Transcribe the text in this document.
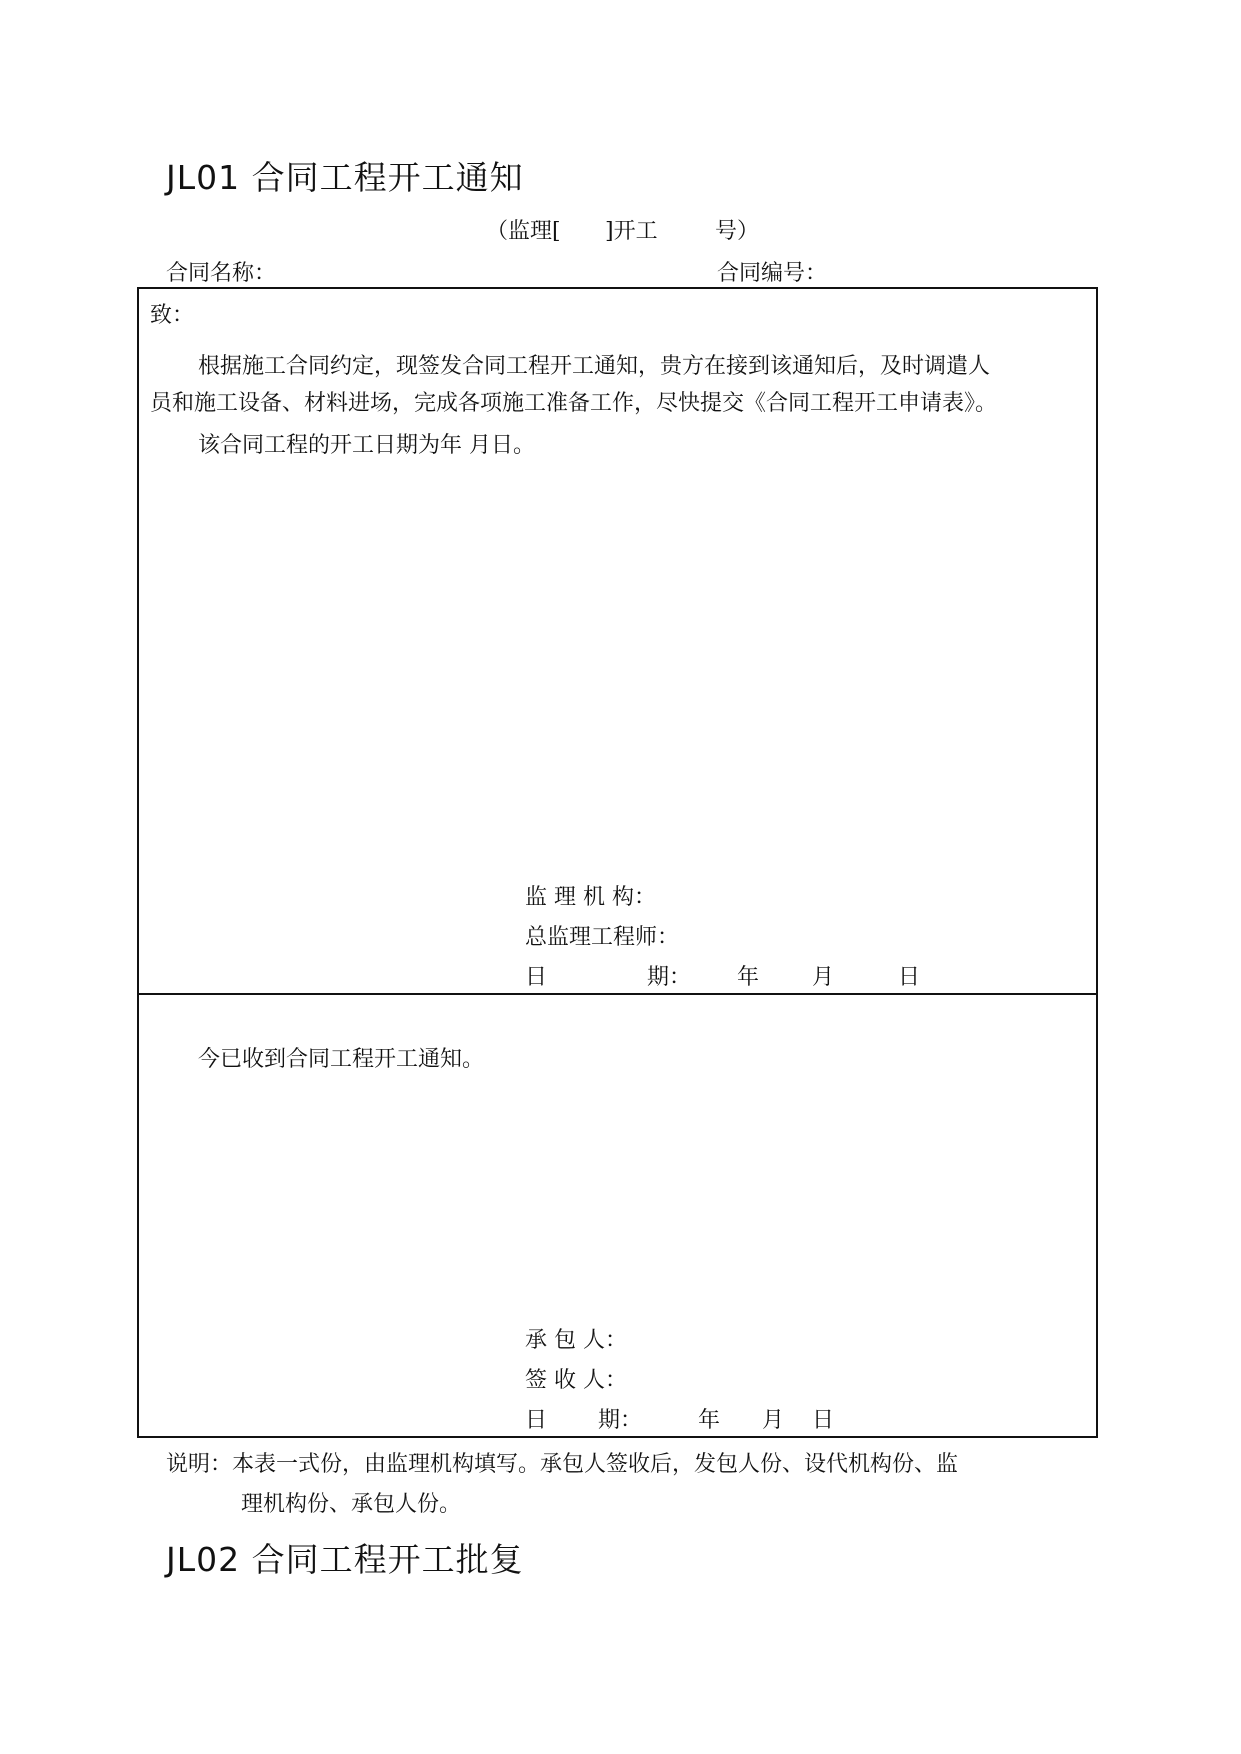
JL01 合同工程开工通知
（监理[ ]开工	号）
合同名称：	合同编号：
致：
根据施工合同约定，现签发合同工程开工通知，贵方在接到该通知后，及时调遣人
员和施工设备、材料进场，完成各项施工准备工作，尽快提交《合同工程开工申请表》。
该合同工程的开工日期为年 月日。
监 理 机 构：
总监理工程师：
日	期： 年 月	日
今已收到合同工程开工通知。
承 包 人：
签 收 人：
日 期：	年 月 日
说明：本表一式份，由监理机构填写。承包人签收后，发包人份、设代机构份、监
理机构份、承包人份。
JL02 合同工程开工批复
